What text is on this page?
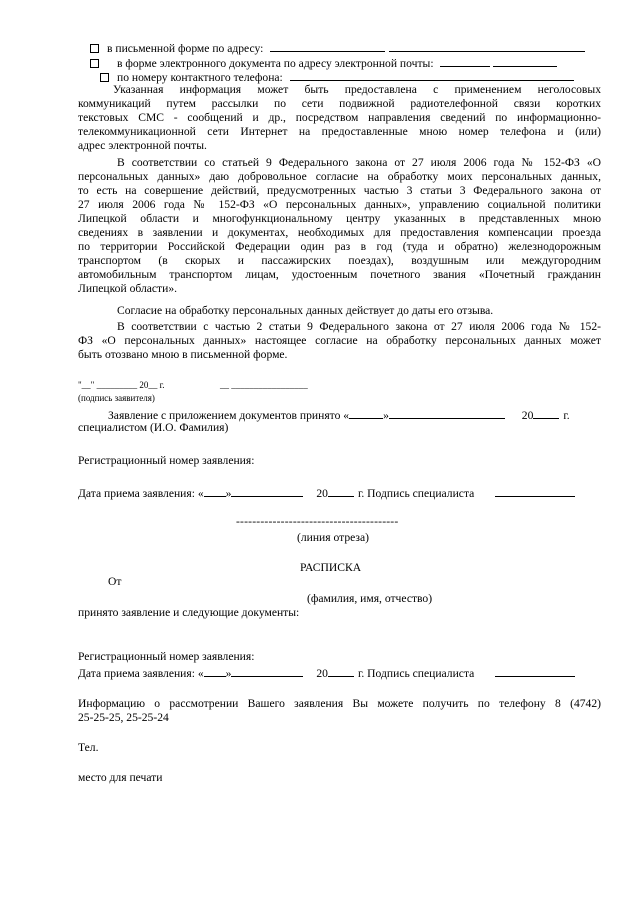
в письменной форме по адресу:
в форме электронного документа по адресу электронной почты:
по номеру контактного телефона:
Указанная информация может быть предоставлена с применением неголосовых
коммуникаций путем рассылки по сети подвижной радиотелефонной связи коротких
текстовых СМС - сообщений и др., посредством направления сведений по информационно-
телекоммуникационной сети Интернет на предоставленные мною номер телефона и (или)
адрес электронной почты.
В соответствии со статьей 9 Федерального закона от 27 июля 2006 года № 152-ФЗ «О
персональных данных» даю добровольное согласие на обработку моих персональных данных,
то есть на совершение действий, предусмотренных частью 3 статьи 3 Федерального закона от
27 июля 2006 года № 152-ФЗ «О персональных данных», управлению социальной политики
Липецкой области и многофункциональному центру указанных в представленных мною
сведениях в заявлении и документах, необходимых для предоставления компенсации проезда
по территории Российской Федерации один раз в год (туда и обратно) железнодорожным
транспортом (в скорых и пассажирских поездах), воздушным или междугородним
автомобильным транспортом лицам, удостоенным почетного звания «Почетный гражданин
Липецкой области».
Согласие на обработку персональных данных действует до даты его отзыва.
В соответствии с частью 2 статьи 9 Федерального закона от 27 июля 2006 года № 152-
ФЗ «О персональных данных» настоящее согласие на обработку персональных данных может
быть отозвано мною в письменной форме.
"__" _________ 20__ г.	__ _________________
(подпись заявителя)
Заявление с приложением документов принято «	»	20	г.
специалистом (И.О. Фамилия)
Регистрационный номер заявления:
Дата приема заявления: « »	20	г. Подпись специалиста
----------------------------------------
(линия отреза)
РАСПИСКА
От
(фамилия, имя, отчество)
принято заявление и следующие документы:
Регистрационный номер заявления:
Дата приема заявления: « »	20	г. Подпись специалиста
Информацию о рассмотрении Вашего заявления Вы можете получить по телефону 8 (4742)
25-25-25, 25-25-24
Тел.
место для печати
